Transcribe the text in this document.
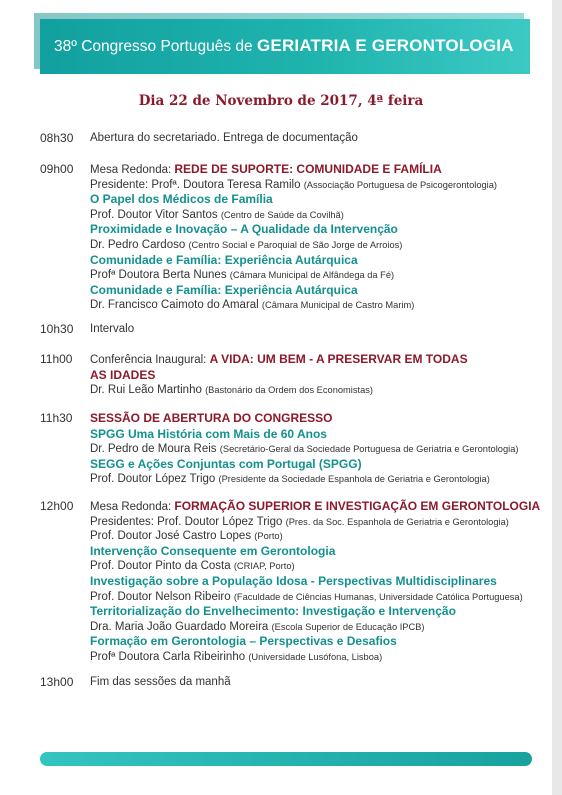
38º Congresso Português de GERIATRIA E GERONTOLOGIA
Dia 22 de Novembro de 2017, 4ª feira
08h30	Abertura do secretariado. Entrega de documentação
09h00	Mesa Redonda: REDE DE SUPORTE: COMUNIDADE E FAMÍLIA
Presidente: Profª. Doutora Teresa Ramilo (Associação Portuguesa de Psicogerontologia)
O Papel dos Médicos de Família
Prof. Doutor Vitor Santos (Centro de Saúde da Covilhã)
Proximidade e Inovação – A Qualidade da Intervenção
Dr. Pedro Cardoso (Centro Social e Paroquial de São Jorge de Arroios)
Comunidade e Família: Experiência Autárquica
Profª Doutora Berta Nunes (Câmara Municipal de Alfândega da Fé)
Comunidade e Família: Experiência Autárquica
Dr. Francisco Caimoto do Amaral (Câmara Municipal de Castro Marim)
10h30	Intervalo
11h00	Conferência Inaugural: A VIDA: UM BEM - A PRESERVAR EM TODAS
AS IDADES
Dr. Rui Leão Martinho (Bastonário da Ordem dos Economistas)
11h30	SESSÃO DE ABERTURA DO CONGRESSO
SPGG Uma História com Mais de 60 Anos
Dr. Pedro de Moura Reis (Secretário-Geral da Sociedade Portuguesa de Geriatria e Gerontologia)
SEGG e Ações Conjuntas com Portugal (SPGG)
Prof. Doutor López Trigo (Presidente da Sociedade Espanhola de Geriatria e Gerontologia)
12h00	Mesa Redonda: FORMAÇÃO SUPERIOR E INVESTIGAÇÃO EM GERONTOLOGIA
Presidentes: Prof. Doutor López Trigo (Pres. da Soc. Espanhola de Geriatria e Gerontologia)
Prof. Doutor José Castro Lopes (Porto)
Intervenção Consequente em Gerontologia
Prof. Doutor Pinto da Costa (CRIAP, Porto)
Investigação sobre a População Idosa - Perspectivas Multidisciplinares
Prof. Doutor Nelson Ribeiro (Faculdade de Ciências Humanas, Universidade Católica Portuguesa)
Territorialização do Envelhecimento: Investigação e Intervenção
Dra. Maria João Guardado Moreira (Escola Superior de Educação IPCB)
Formação em Gerontologia – Perspectivas e Desafios
Profª Doutora Carla Ribeirinho (Universidade Lusófona, Lisboa)
13h00	Fim das sessões da manhã
